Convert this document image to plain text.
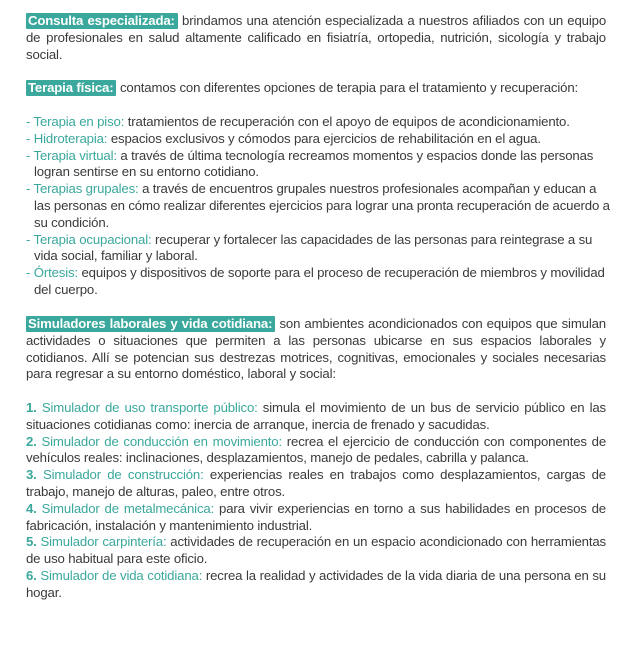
Consulta especializada: brindamos una atención especializada a nuestros afiliados con un equipo de profesionales en salud altamente calificado en fisiatría, ortopedia, nutrición, sicología y trabajo social.
Terapia física: contamos con diferentes opciones de terapia para el tratamiento y recuperación:
- Terapia en piso: tratamientos de recuperación con el apoyo de equipos de acondicionamiento.
- Hidroterapia: espacios exclusivos y cómodos para ejercicios de rehabilitación en el agua.
- Terapia virtual: a través de última tecnología recreamos momentos y espacios donde las personas logran sentirse en su entorno cotidiano.
- Terapias grupales: a través de encuentros grupales nuestros profesionales acompañan y educan a las personas en cómo realizar diferentes ejercicios para lograr una pronta recuperación de acuerdo a su condición.
- Terapia ocupacional: recuperar y fortalecer las capacidades de las personas para reintegrase a su vida social, familiar y laboral.
- Órtesis: equipos y dispositivos de soporte para el proceso de recuperación de miembros y movilidad del cuerpo.
Simuladores laborales y vida cotidiana: son ambientes acondicionados con equipos que simulan actividades o situaciones que permiten a las personas ubicarse en sus espacios laborales y cotidianos. Allí se potencian sus destrezas motrices, cognitivas, emocionales y sociales necesarias para regresar a su entorno doméstico, laboral y social:
1. Simulador de uso transporte público: simula el movimiento de un bus de servicio público en las situaciones cotidianas como: inercia de arranque, inercia de frenado y sacudidas.
2. Simulador de conducción en movimiento: recrea el ejercicio de conducción con componentes de vehículos reales: inclinaciones, desplazamientos, manejo de pedales, cabrilla y palanca.
3. Simulador de construcción: experiencias reales en trabajos como desplazamientos, cargas de trabajo, manejo de alturas, paleo, entre otros.
4. Simulador de metalmecánica: para vivir experiencias en torno a sus habilidades en procesos de fabricación, instalación y mantenimiento industrial.
5. Simulador carpintería: actividades de recuperación en un espacio acondicionado con herramientas de uso habitual para este oficio.
6. Simulador de vida cotidiana: recrea la realidad y actividades de la vida diaria de una persona en su hogar.
